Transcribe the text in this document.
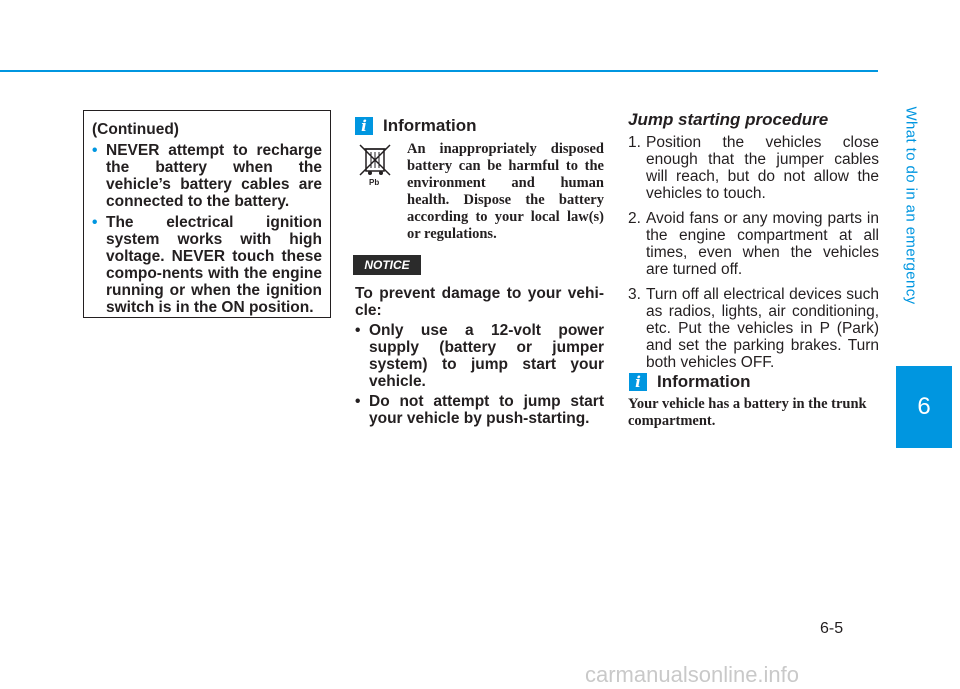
What to do in an emergency
6
6-5
(Continued)
• NEVER attempt to recharge the battery when the vehicle’s battery cables are connected to the battery.
• The electrical ignition system works with high voltage. NEVER touch these compo-nents with the engine running or when the ignition switch is in the ON position.
i Information
Pb
An inappropriately disposed battery can be harmful to the environment and human health. Dispose the battery according to your local law(s) or regulations.
NOTICE

To prevent damage to your vehi-cle:

• Only use a 12-volt power supply (battery or jumper system) to jump start your vehicle.
• Do not attempt to jump start your vehicle by push-starting.
Jump starting procedure
1. Position the vehicles close enough that the jumper cables will reach, but do not allow the vehicles to touch.
2. Avoid fans or any moving parts in the engine compartment at all times, even when the vehicles are turned off.
3. Turn off all electrical devices such as radios, lights, air conditioning, etc. Put the vehicles in P (Park) and set the parking brakes. Turn both vehicles OFF.
i Information
Your vehicle has a battery in the trunk compartment.
carmanualsonline.info
